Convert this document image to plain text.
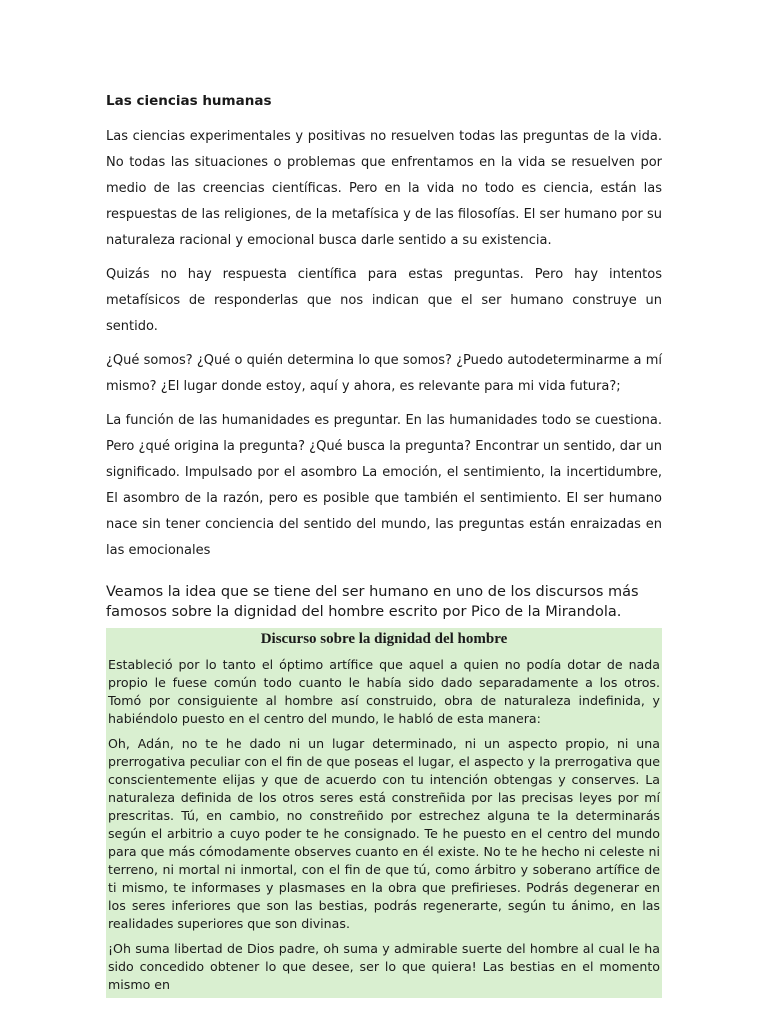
Las ciencias humanas

Las ciencias experimentales y positivas no resuelven todas las preguntas de la vida. No todas las situaciones o problemas que enfrentamos en la vida se resuelven por medio de las creencias científicas. Pero en la vida no todo es ciencia, están las respuestas de las religiones, de la metafísica y de las filosofías. El ser humano por su naturaleza racional y emocional busca darle sentido a su existencia.

Quizás no hay respuesta científica para estas preguntas. Pero hay intentos metafísicos de responderlas que nos indican que el ser humano construye un sentido.

¿Qué somos? ¿Qué o quién determina lo que somos? ¿Puedo autodeterminarme a mí mismo? ¿El lugar donde estoy, aquí y ahora, es relevante para mi vida futura?;

La función de las humanidades es preguntar. En las humanidades todo se cuestiona. Pero ¿qué origina la pregunta? ¿Qué busca la pregunta? Encontrar un sentido, dar un significado. Impulsado por el asombro La emoción, el sentimiento, la incertidumbre, El asombro de la razón, pero es posible que también el sentimiento. El ser humano nace sin tener conciencia del sentido del mundo, las preguntas están enraizadas en las emocionales

Veamos la idea que se tiene del ser humano en uno de los discursos más famosos sobre la dignidad del hombre escrito por Pico de la Mirandola.

Discurso sobre la dignidad del hombre

Estableció por lo tanto el óptimo artífice que aquel a quien no podía dotar de nada propio le fuese común todo cuanto le había sido dado separadamente a los otros. Tomó por consiguiente al hombre así construido, obra de naturaleza indefinida, y habiéndolo puesto en el centro del mundo, le habló de esta manera:

Oh, Adán, no te he dado ni un lugar determinado, ni un aspecto propio, ni una prerrogativa peculiar con el fin de que poseas el lugar, el aspecto y la prerrogativa que conscientemente elijas y que de acuerdo con tu intención obtengas y conserves. La naturaleza definida de los otros seres está constreñida por las precisas leyes por mí prescritas. Tú, en cambio, no constreñido por estrechez alguna te la determinarás según el arbitrio a cuyo poder te he consignado. Te he puesto en el centro del mundo para que más cómodamente observes cuanto en él existe. No te he hecho ni celeste ni terreno, ni mortal ni inmortal, con el fin de que tú, como árbitro y soberano artífice de ti mismo, te informases y plasmases en la obra que prefirieses. Podrás degenerar en los seres inferiores que son las bestias, podrás regenerarte, según tu ánimo, en las realidades superiores que son divinas.

¡Oh suma libertad de Dios padre, oh suma y admirable suerte del hombre al cual le ha sido concedido obtener lo que desee, ser lo que quiera! Las bestias en el momento mismo en
